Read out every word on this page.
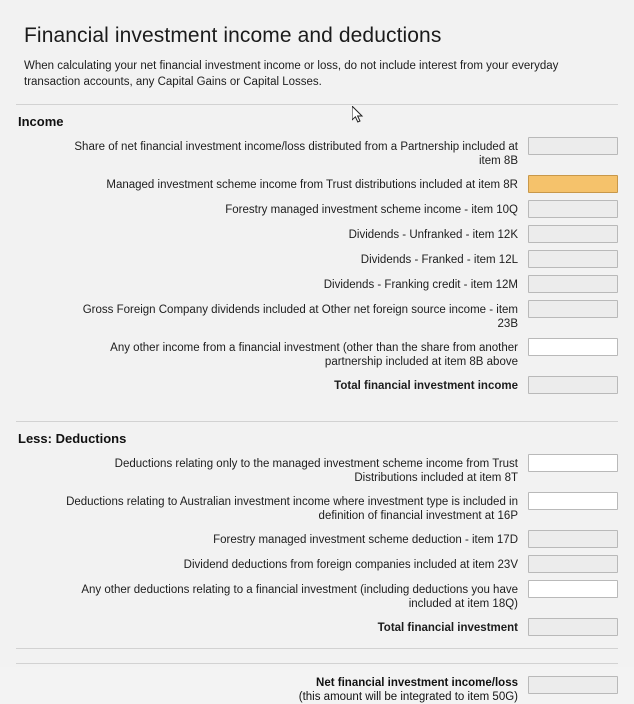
Financial investment income and deductions
When calculating your net financial investment income or loss, do not include interest from your everyday transaction accounts, any Capital Gains or Capital Losses.
Income
Share of net financial investment income/loss distributed from a Partnership included at item 8B
Managed investment scheme income from Trust distributions included at item 8R
Forestry managed investment scheme income - item 10Q
Dividends - Unfranked - item 12K
Dividends - Franked - item 12L
Dividends - Franking credit - item 12M
Gross Foreign Company dividends included at Other net foreign source income - item 23B
Any other income from a financial investment (other than the share from another partnership included at item 8B above
Total financial investment income
Less: Deductions
Deductions relating only to the managed investment scheme income from Trust Distributions included at item 8T
Deductions relating to Australian investment income where investment type is included in definition of financial investment at 16P
Forestry managed investment scheme deduction - item 17D
Dividend deductions from foreign companies included at item 23V
Any other deductions relating to a financial investment (including deductions you have included at item 18Q)
Total financial investment
Net financial investment income/loss
(this amount will be integrated to item 50G)
